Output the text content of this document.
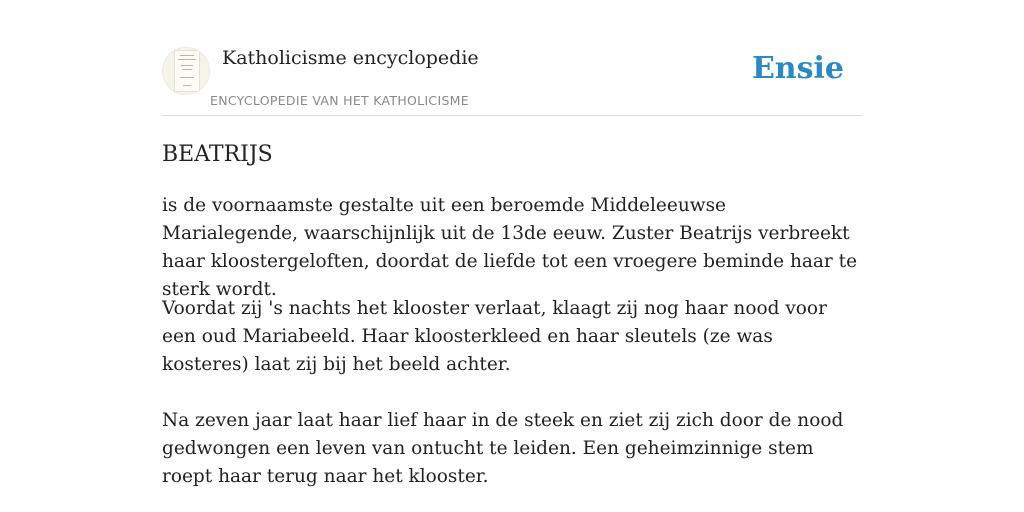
Katholicisme encyclopedie
ENCYCLOPEDIE VAN HET KATHOLICISME
Ensie
BEATRIJS

is de voornaamste gestalte uit een beroemde Middeleeuwse Marialegende, waarschijnlijk uit de 13de eeuw. Zuster Beatrijs verbreekt haar kloostergeloften, doordat de liefde tot een vroegere beminde haar te sterk wordt.

Voordat zij 's nachts het klooster verlaat, klaagt zij nog haar nood voor een oud Mariabeeld. Haar kloosterkleed en haar sleutels (ze was kosteres) laat zij bij het beeld achter.

Na zeven jaar laat haar lief haar in de steek en ziet zij zich door de nood gedwongen een leven van ontucht te leiden. Een geheimzinnige stem roept haar terug naar het klooster.
